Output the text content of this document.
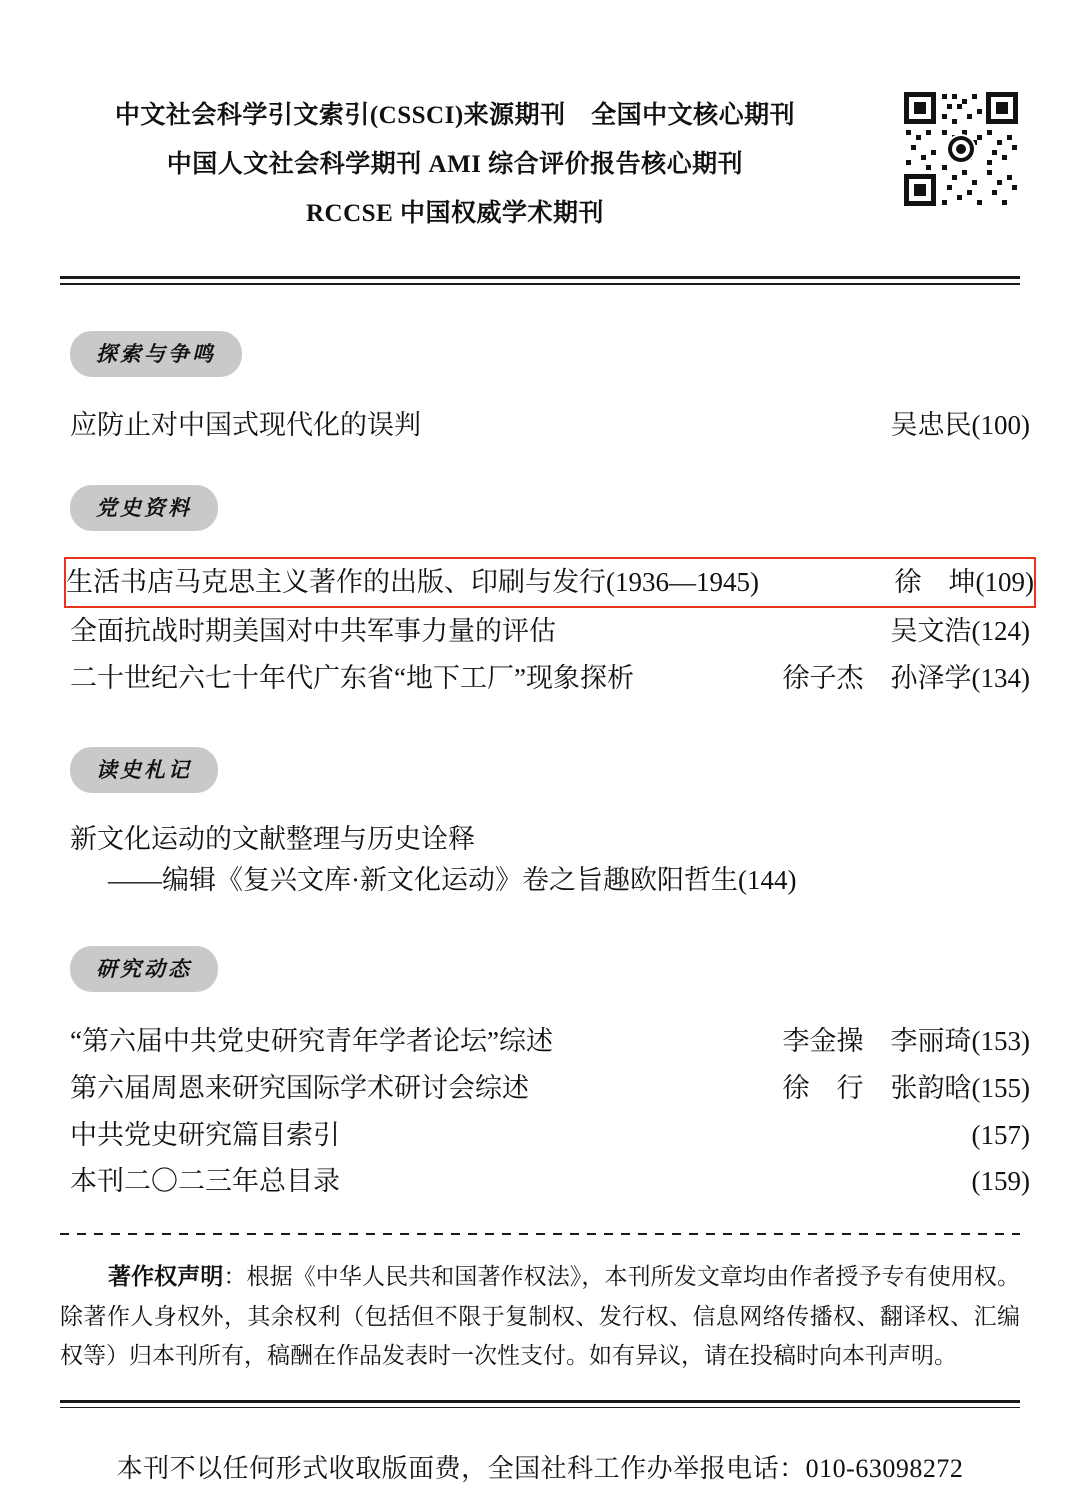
中文社会科学引文索引(CSSCI)来源期刊　全国中文核心期刊
中国人文社会科学期刊 AMI 综合评价报告核心期刊
RCCSE 中国权威学术期刊
探索与争鸣
应防止对中国式现代化的误判	吴忠民(100)
党史资料
生活书店马克思主义著作的出版、印刷与发行(1936—1945)	徐　坤(109)
全面抗战时期美国对中共军事力量的评估	吴文浩(124)
二十世纪六七十年代广东省“地下工厂”现象探析	徐子杰　孙泽学(134)
读史札记
新文化运动的文献整理与历史诠释
——编辑《复兴文库·新文化运动》卷之旨趣 欧阳哲生(144)
研究动态
“第六届中共党史研究青年学者论坛”综述	李金操　李丽琦(153)
第六届周恩来研究国际学术研讨会综述	徐　行　张韵晗(155)
中共党史研究篇目索引	(157)
本刊二〇二三年总目录	(159)
著作权声明：根据《中华人民共和国著作权法》，本刊所发文章均由作者授予专有使用权。除著作人身权外，其余权利（包括但不限于复制权、发行权、信息网络传播权、翻译权、汇编权等）归本刊所有，稿酬在作品发表时一次性支付。如有异议，请在投稿时向本刊声明。
本刊不以任何形式收取版面费，全国社科工作办举报电话：010-63098272
